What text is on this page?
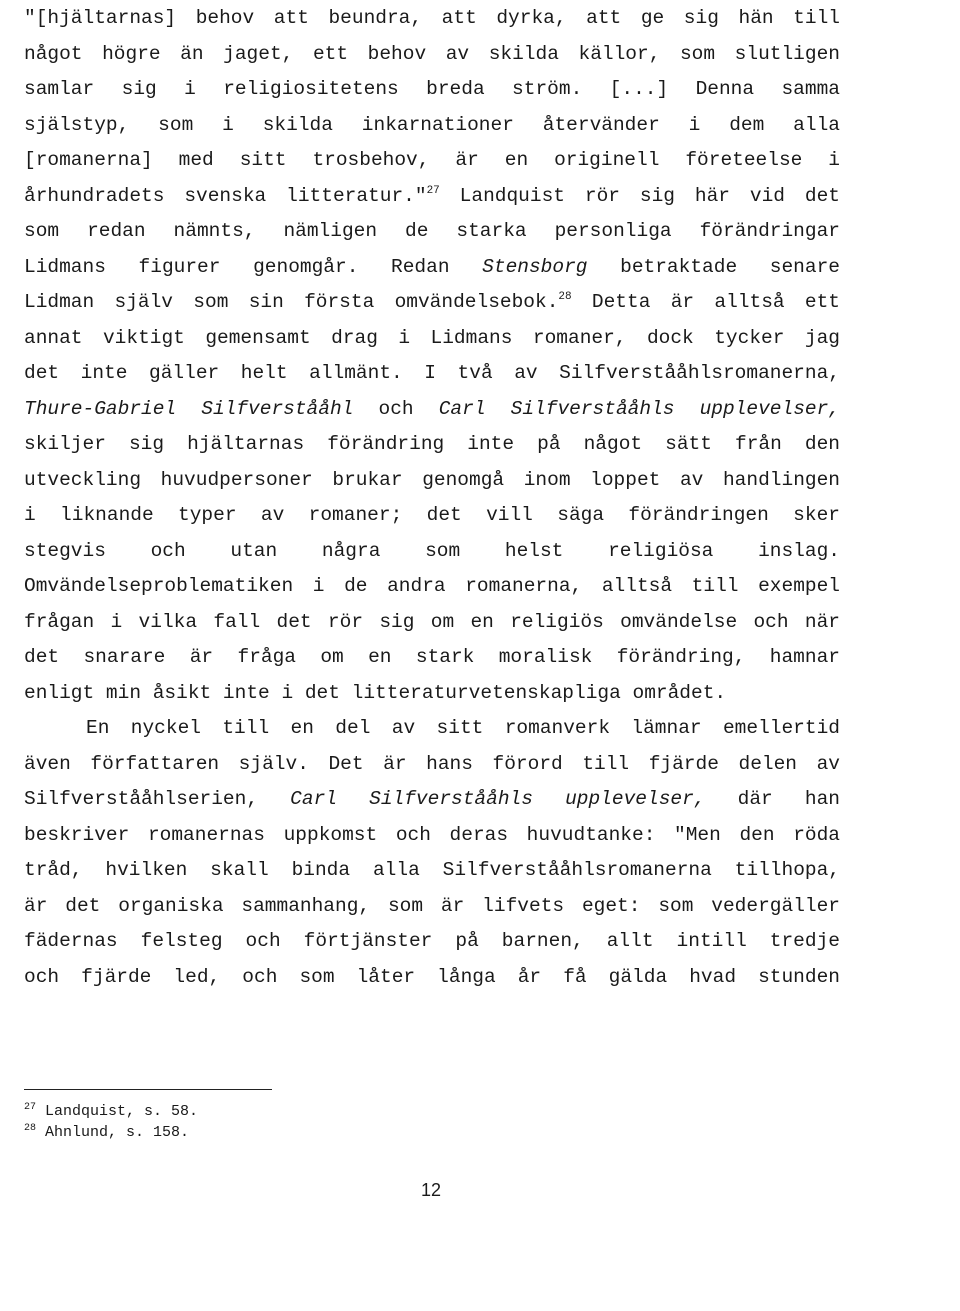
"[hjältarnas] behov att beundra, att dyrka, att ge sig hän till
något högre än jaget, ett behov av skilda källor, som slutligen
samlar sig i religiositetens breda ström. [...] Denna samma
själstyp, som i skilda inkarnationer återvänder i dem alla
[romanerna] med sitt trosbehov, är en originell företeelse i
århundradets svenska litteratur."$^{27}$ Landquist rör sig här vid det
som redan nämnts, nämligen de starka personliga förändringar
Lidmans figurer genomgår. Redan Stensborg betraktade senare
Lidman själv som sin första omvändelsebok.$^{28}$ Detta är alltså ett
annat viktigt gemensamt drag i Lidmans romaner, dock tycker jag
det inte gäller helt allmänt. I två av Silfverstååhlsromanerna,
Thure-Gabriel Silfverstååhl och Carl Silfverstååhls upplevelser,
skiljer sig hjältarnas förändring inte på något sätt från den
utveckling huvudpersoner brukar genomgå inom loppet av handlingen
i liknande typer av romaner; det vill säga förändringen sker
stegvis och utan några som helst religiösa inslag.
Omvändelseproblematiken i de andra romanerna, alltså till exempel
frågan i vilka fall det rör sig om en religiös omvändelse och när
det snarare är fråga om en stark moralisk förändring, hamnar
enligt min åsikt inte i det litteraturvetenskapliga området.
En nyckel till en del av sitt romanverk lämnar emellertid
även författaren själv. Det är hans förord till fjärde delen av
Silfverstååhlserien, Carl Silfverstååhls upplevelser, där han
beskriver romanernas uppkomst och deras huvudtanke: "Men den röda
tråd, hvilken skall binda alla Silfverstååhlsromanerna tillhopa,
är det organiska sammanhang, som är lifvets eget: som vedergäller
fädernas felsteg och förtjänster på barnen, allt intill tredje
och fjärde led, och som låter långa år få gälda hvad stunden
$^{27}$ Landquist, s. 58.
$^{28}$ Ahnlund, s. 158.
12
